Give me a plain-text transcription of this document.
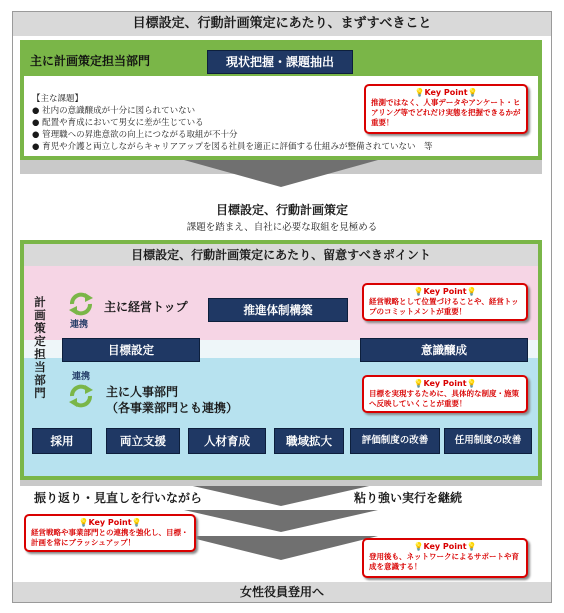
目標設定、行動計画策定にあたり、まずすべきこと
主に計画策定担当部門	現状把握・課題抽出
【主な課題】
● 社内の意識醸成が十分に図られていない
● 配置や育成において男女に差が生じている
● 管理職への昇進意欲の向上につながる取組が不十分
● 育児や介護と両立しながらキャリアアップを図る社員を適正に評価する仕組みが整備されていない　等
💡Key Point💡
推測ではなく、人事データやアンケート・ヒアリング等でどれだけ実態を把握できるかが重要！
目標設定、行動計画策定
課題を踏まえ、自社に必要な取組を見極める
目標設定、行動計画策定にあたり、留意すべきポイント
計画策定担当部門
連携
連携
主に経営トップ	推進体制構築
💡Key Point💡
経営戦略として位置づけることや、経営トップのコミットメントが重要！
目標設定	意識醸成
主に人事部門
（各事業部門とも連携）
💡Key Point💡
目標を実現するために、具体的な制度・施策へ反映していくことが重要！
採用	両立支援	人材育成	職域拡大	評価制度の改善	任用制度の改善
振り返り・見直しを行いながら	粘り強い実行を継続
💡Key Point💡
経営戦略や事業部門との連携を強化し、目標・計画を常にブラッシュアップ！	💡Key Point💡
登用後も、ネットワークによるサポートや育成を意識する！
女性役員登用へ
